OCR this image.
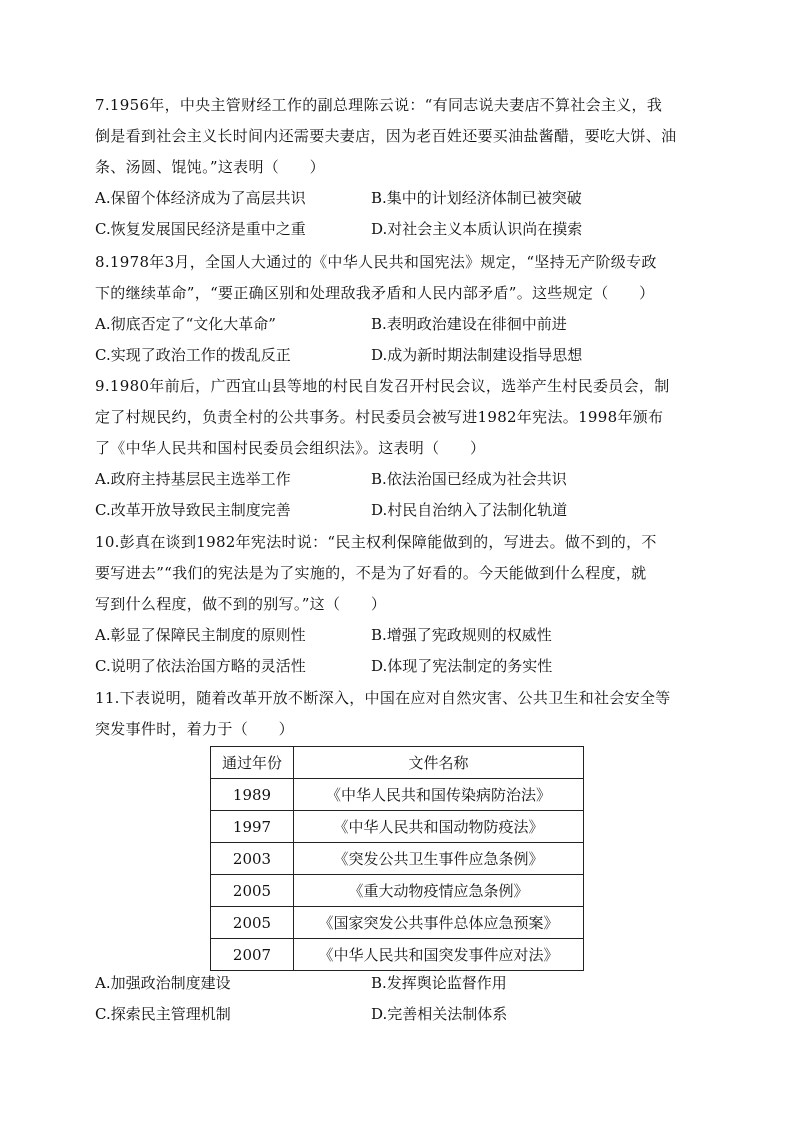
7.1956年，中央主管财经工作的副总理陈云说：“有同志说夫妻店不算社会主义，我
倒是看到社会主义长时间内还需要夫妻店，因为老百姓还要买油盐酱醋，要吃大饼、油
条、汤圆、馄饨。”这表明（　　）
A.保留个体经济成为了高层共识	B.集中的计划经济体制已被突破
C.恢复发展国民经济是重中之重	D.对社会主义本质认识尚在摸索
8.1978年3月，全国人大通过的《中华人民共和国宪法》规定，“坚持无产阶级专政
下的继续革命”，“要正确区别和处理敌我矛盾和人民内部矛盾”。这些规定（　　）
A.彻底否定了“文化大革命”	B.表明政治建设在徘徊中前进
C.实现了政治工作的拨乱反正	D.成为新时期法制建设指导思想
9.1980年前后，广西宜山县等地的村民自发召开村民会议，选举产生村民委员会，制
定了村规民约，负责全村的公共事务。村民委员会被写进1982年宪法。1998年颁布
了《中华人民共和国村民委员会组织法》。这表明（　　）
A.政府主持基层民主选举工作	B.依法治国已经成为社会共识
C.改革开放导致民主制度完善	D.村民自治纳入了法制化轨道
10.彭真在谈到1982年宪法时说：“民主权利保障能做到的，写进去。做不到的，不
要写进去”“我们的宪法是为了实施的，不是为了好看的。今天能做到什么程度，就
写到什么程度，做不到的别写。”这（　　）
A.彰显了保障民主制度的原则性	B.增强了宪政规则的权威性
C.说明了依法治国方略的灵活性	D.体现了宪法制定的务实性
11.下表说明，随着改革开放不断深入，中国在应对自然灾害、公共卫生和社会安全等
突发事件时，着力于（　　）
通过年份	文件名称
1989	《中华人民共和国传染病防治法》
1997	《中华人民共和国动物防疫法》
2003	《突发公共卫生事件应急条例》
2005	《重大动物疫情应急条例》
2005	《国家突发公共事件总体应急预案》
2007	《中华人民共和国突发事件应对法》
A.加强政治制度建设	B.发挥舆论监督作用
C.探索民主管理机制	D.完善相关法制体系
